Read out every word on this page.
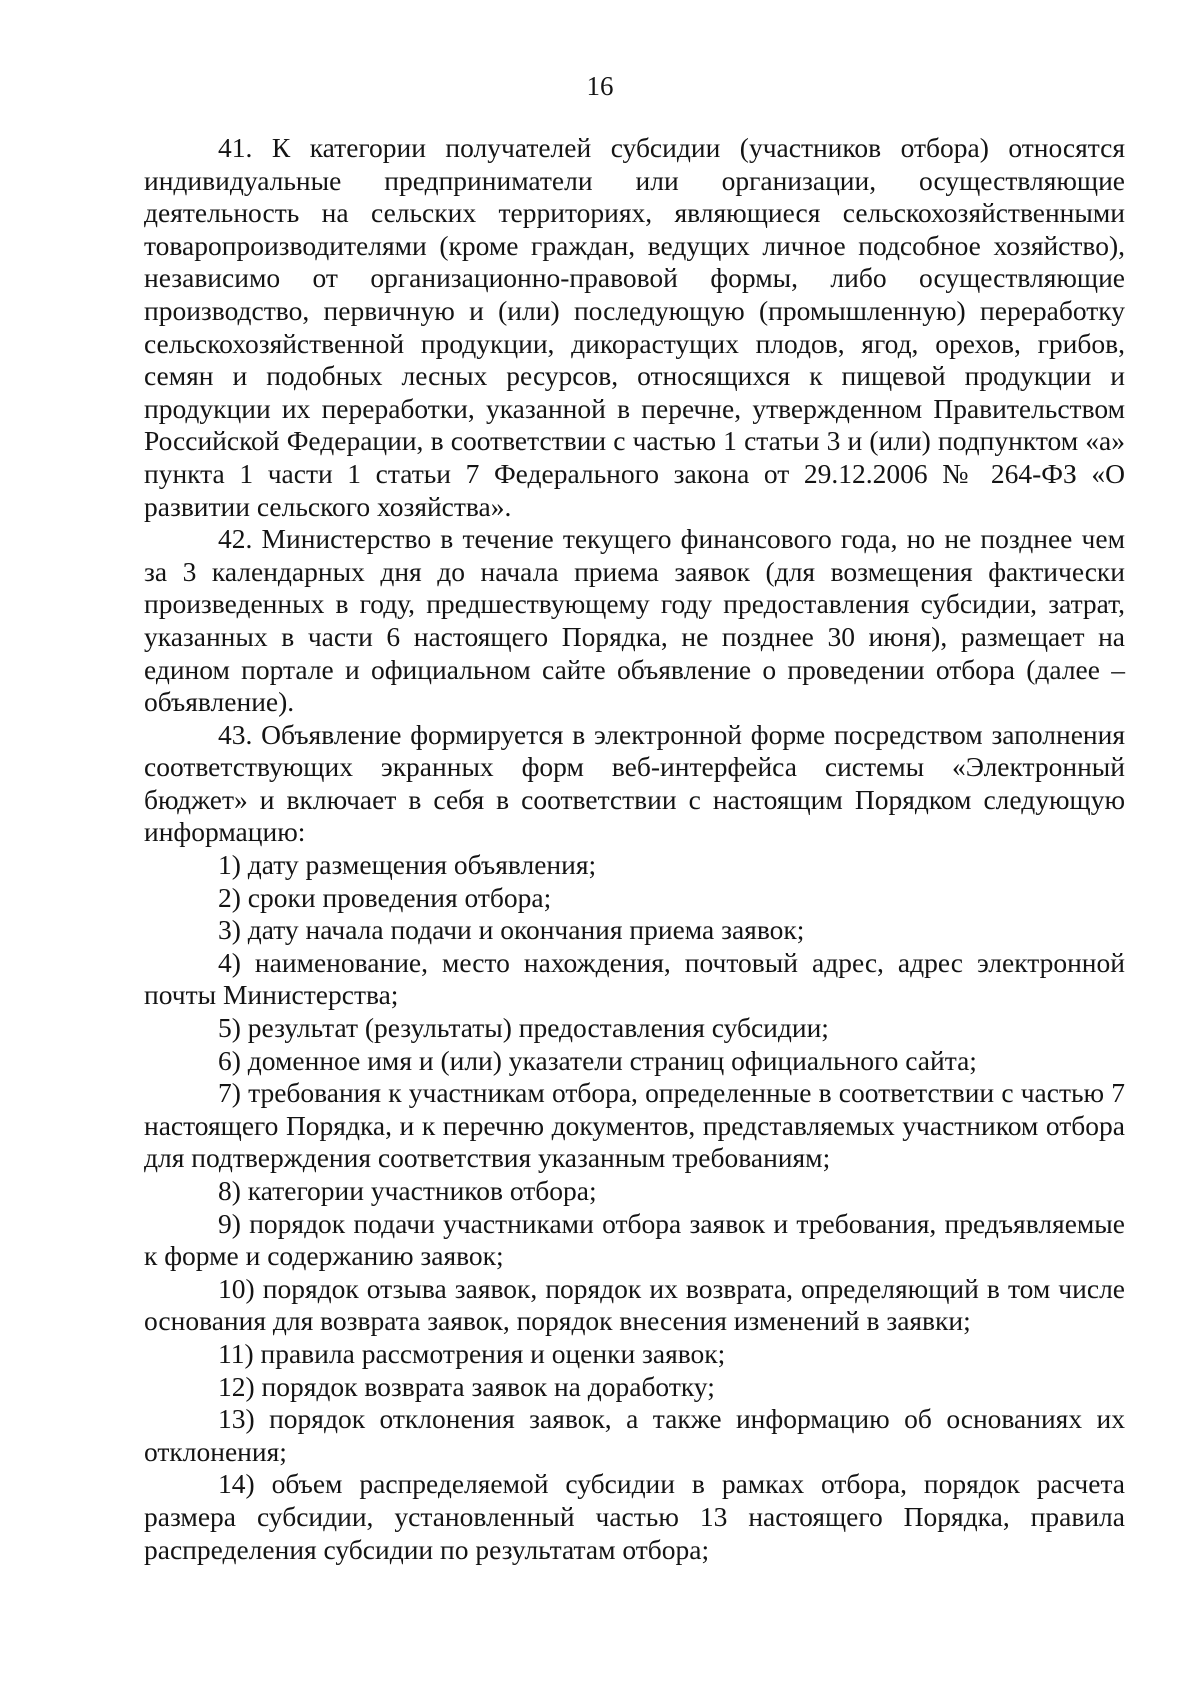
16

41. К категории получателей субсидии (участников отбора) относятся индивидуальные предприниматели или организации, осуществляющие деятельность на сельских территориях, являющиеся сельскохозяйственными товаропроизводителями (кроме граждан, ведущих личное подсобное хозяйство), независимо от организационно-правовой формы, либо осуществляющие производство, первичную и (или) последующую (промышленную) переработку сельскохозяйственной продукции, дикорастущих плодов, ягод, орехов, грибов, семян и подобных лесных ресурсов, относящихся к пищевой продукции и продукции их переработки, указанной в перечне, утвержденном Правительством Российской Федерации, в соответствии с частью 1 статьи 3 и (или) подпунктом «а» пункта 1 части 1 статьи 7 Федерального закона от 29.12.2006 № 264-ФЗ «О развитии сельского хозяйства».

42. Министерство в течение текущего финансового года, но не позднее чем за 3 календарных дня до начала приема заявок (для возмещения фактически произведенных в году, предшествующему году предоставления субсидии, затрат, указанных в части 6 настоящего Порядка, не позднее 30 июня), размещает на едином портале и официальном сайте объявление о проведении отбора (далее – объявление).

43. Объявление формируется в электронной форме посредством заполнения соответствующих экранных форм веб-интерфейса системы «Электронный бюджет» и включает в себя в соответствии с настоящим Порядком следующую информацию:

1) дату размещения объявления;

2) сроки проведения отбора;

3) дату начала подачи и окончания приема заявок;

4) наименование, место нахождения, почтовый адрес, адрес электронной почты Министерства;

5) результат (результаты) предоставления субсидии;

6) доменное имя и (или) указатели страниц официального сайта;

7) требования к участникам отбора, определенные в соответствии с частью 7 настоящего Порядка, и к перечню документов, представляемых участником отбора для подтверждения соответствия указанным требованиям;

8) категории участников отбора;

9) порядок подачи участниками отбора заявок и требования, предъявляемые к форме и содержанию заявок;

10) порядок отзыва заявок, порядок их возврата, определяющий в том числе основания для возврата заявок, порядок внесения изменений в заявки;

11) правила рассмотрения и оценки заявок;

12) порядок возврата заявок на доработку;

13) порядок отклонения заявок, а также информацию об основаниях их отклонения;

14) объем распределяемой субсидии в рамках отбора, порядок расчета размера субсидии, установленный частью 13 настоящего Порядка, правила распределения субсидии по результатам отбора;
